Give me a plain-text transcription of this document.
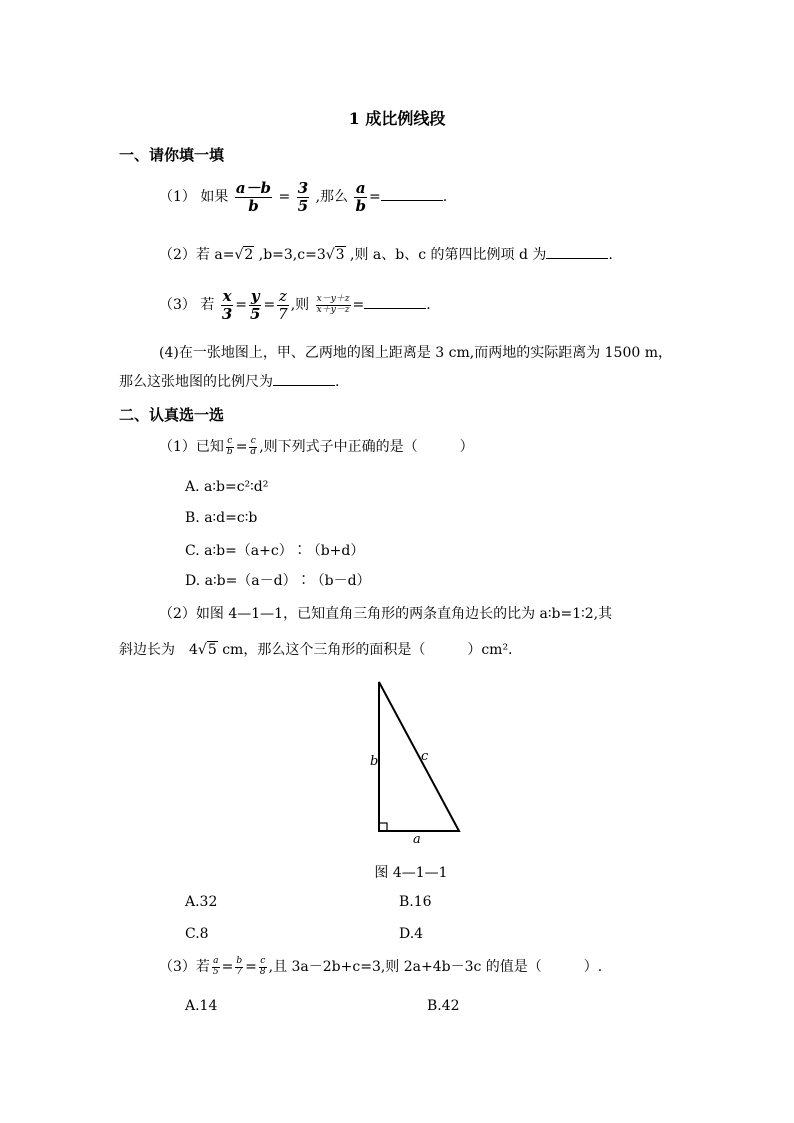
1 成比例线段
一、请你填一填
（1） 如果 $\frac{a-b}{b} = \frac{3}{5}$ ,那么 $\frac{a}{b}$ =	.
（2）若 a=√2 ,b=3,c=3√3 ,则 a、b、c 的第四比例项 d 为	.
（3） 若 $\frac{x}{3} = \frac{y}{5} = \frac{z}{7}$ ,则 $\frac{x-y+z}{x+y-z}$ =	.
(4)在一张地图上，甲、乙两地的图上距离是 3 cm,而两地的实际距离为 1500 m，那么这张地图的比例尺为	.
二、认真选一选
（1）已知 $\frac{c}{b} = \frac{c}{d}$ ,则下列式子中正确的是（　　　）
A. a∶b=c²∶d²
B. a∶d=c∶b
C. a∶b=（a+c）∶（b+d）
D. a∶b=（a－d）∶（b－d）
（2）如图 4—1—1，已知直角三角形的两条直角边长的比为 a∶b=1∶2,其
斜边长为　4√5 cm，那么这个三角形的面积是（　　　）cm².
b	c
a
图 4—1—1
A.32	B.16
C.8	D.4
（3）若 $\frac{a}{5} = \frac{b}{7} = \frac{c}{8}$ ,且 3a－2b+c=3,则 2a+4b－3c 的值是（　　　）.
A.14	B.42
